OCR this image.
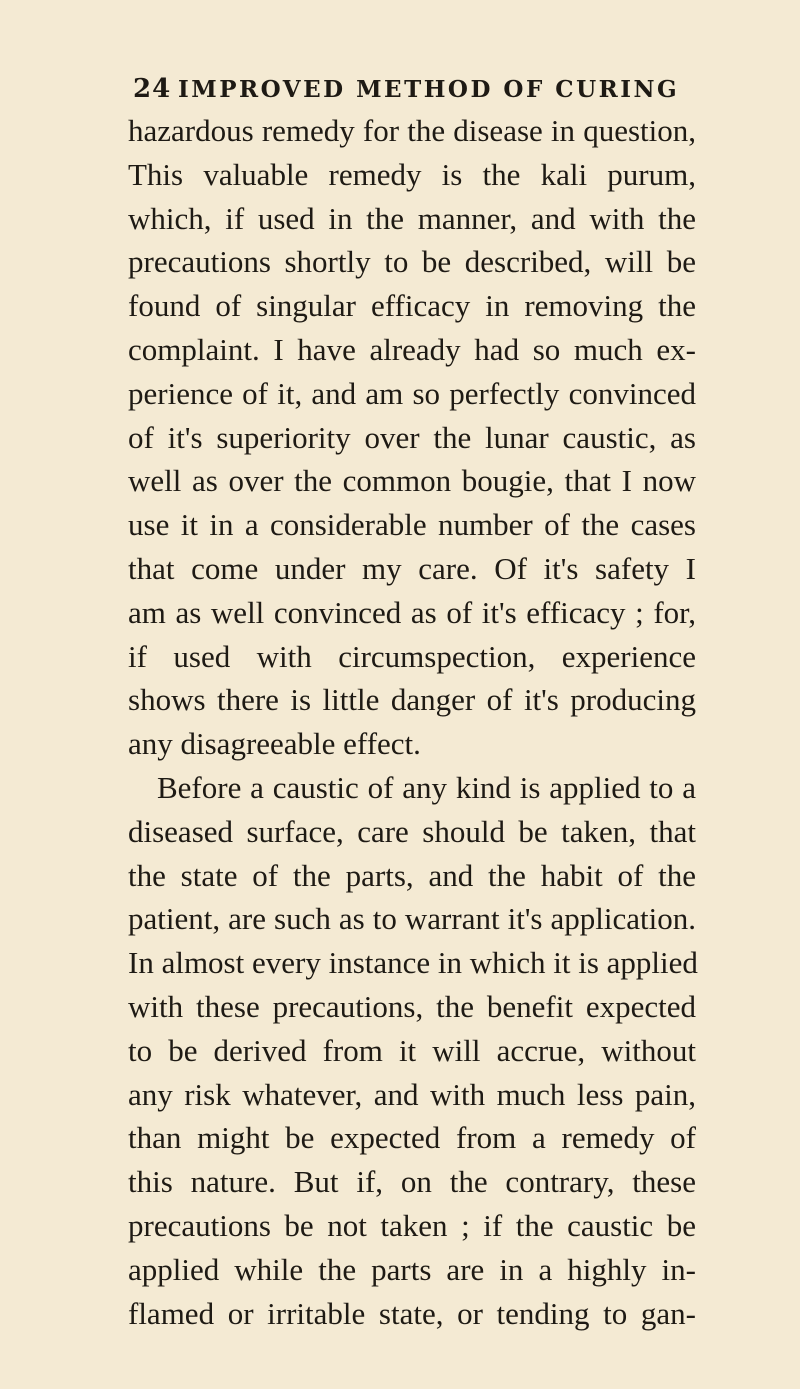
24 IMPROVED METHOD OF CURING
hazardous remedy for the disease in question,
This valuable remedy is the kali purum,
which, if used in the manner, and with the
precautions shortly to be described, will be
found of singular efficacy in removing the
complaint. I have already had so much ex-
perience of it, and am so perfectly convinced
of it's superiority over the lunar caustic, as
well as over the common bougie, that I now
use it in a considerable number of the cases
that come under my care. Of it's safety I
am as well convinced as of it's efficacy ; for,
if used with circumspection, experience
shows there is little danger of it's producing
any disagreeable effect.
Before a caustic of any kind is applied to a
diseased surface, care should be taken, that
the state of the parts, and the habit of the
patient, are such as to warrant it's application.
In almost every instance in which it is applied
with these precautions, the benefit expected
to be derived from it will accrue, without
any risk whatever, and with much less pain,
than might be expected from a remedy of
this nature. But if, on the contrary, these
precautions be not taken ; if the caustic be
applied while the parts are in a highly in-
flamed or irritable state, or tending to gan-
